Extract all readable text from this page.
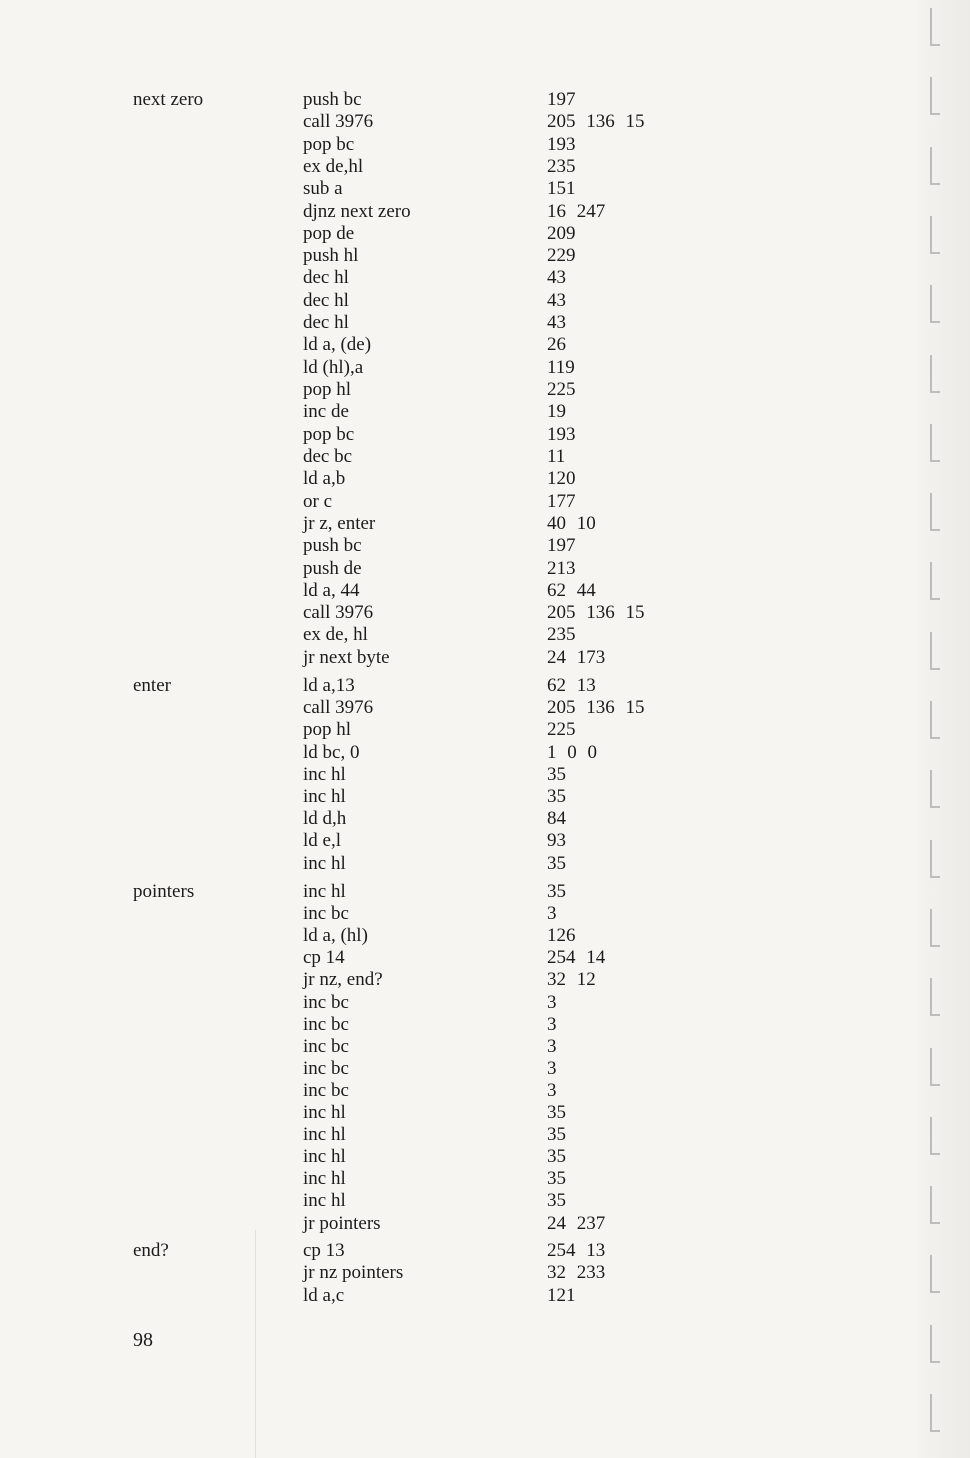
next zero	push bc	197
call 3976	205 136 15
pop bc	193
ex de,hl	235
sub a	151
djnz next zero	16 247
pop de	209
push hl	229
dec hl	43
dec hl	43
dec hl	43
ld a, (de)	26
ld (hl),a	119
pop hl	225
inc de	19
pop bc	193
dec bc	11
ld a,b	120
or c	177
jr z, enter	40 10
push bc	197
push de	213
ld a, 44	62 44
call 3976	205 136 15
ex de, hl	235
jr next byte	24 173
enter	ld a,13	62 13
call 3976	205 136 15
pop hl	225
ld bc, 0	1 0 0
inc hl	35
inc hl	35
ld d,h	84
ld e,l	93
inc hl	35
pointers	inc hl	35
inc bc	3
ld a, (hl)	126
cp 14	254 14
jr nz, end?	32 12
inc bc	3
inc bc	3
inc bc	3
inc bc	3
inc bc	3
inc hl	35
inc hl	35
inc hl	35
inc hl	35
inc hl	35
jr pointers	24 237
end?	cp 13	254 13
jr nz pointers	32 233
ld a,c	121
98
